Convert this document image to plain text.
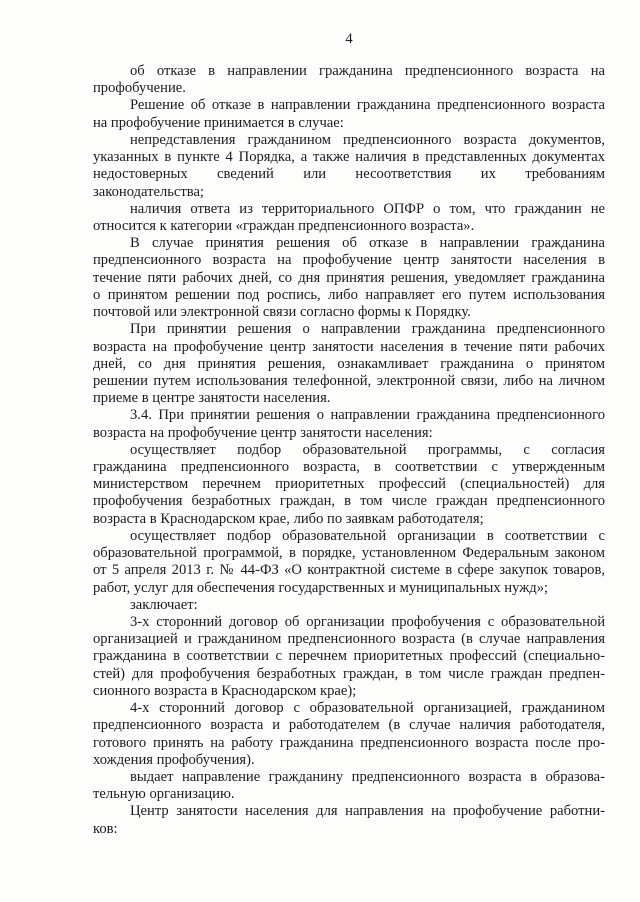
4
об отказе в направлении гражданина предпенсионного возраста на
профобучение.
Решение об отказе в направлении гражданина предпенсионного возраста
на профобучение принимается в случае:
непредставления гражданином предпенсионного возраста документов,
указанных в пункте 4 Порядка, а также наличия в представленных документах
недостоверных сведений или несоответствия их требованиям
законодательства;
наличия ответа из территориального ОПФР о том, что гражданин не
относится к категории «граждан предпенсионного возраста».
В случае принятия решения об отказе в направлении гражданина
предпенсионного возраста на профобучение центр занятости населения в
течение пяти рабочих дней, со дня принятия решения, уведомляет гражданина
о принятом решении под роспись, либо направляет его путем использования
почтовой или электронной связи согласно формы к Порядку.
При принятии решения о направлении гражданина предпенсионного
возраста на профобучение центр занятости населения в течение пяти рабочих
дней, со дня принятия решения, ознакамливает гражданина о принятом
решении путем использования телефонной, электронной связи, либо на личном
приеме в центре занятости населения.
3.4. При принятии решения о направлении гражданина предпенсионного
возраста на профобучение центр занятости населения:
осуществляет подбор образовательной программы, с согласия
гражданина предпенсионного возраста, в соответствии с утвержденным
министерством перечнем приоритетных профессий (специальностей) для
профобучения безработных граждан, в том числе граждан предпенсионного
возраста в Краснодарском крае, либо по заявкам работодателя;
осуществляет подбор образовательной организации в соответствии с
образовательной программой, в порядке, установленном Федеральным законом
от 5 апреля 2013 г. № 44-ФЗ «О контрактной системе в сфере закупок товаров,
работ, услуг для обеспечения государственных и муниципальных нужд»;
заключает:
3-х сторонний договор об организации профобучения с образовательной
организацией и гражданином предпенсионного возраста (в случае направления
гражданина в соответствии с перечнем приоритетных профессий (специально-
стей) для профобучения безработных граждан, в том числе граждан предпен-
сионного возраста в Краснодарском крае);
4-х сторонний договор с образовательной организацией, гражданином
предпенсионного возраста и работодателем (в случае наличия работодателя,
готового принять на работу гражданина предпенсионного возраста после про-
хождения профобучения).
выдает направление гражданину предпенсионного возраста в образова-
тельную организацию.
Центр занятости населения для направления на профобучение работни-
ков:
